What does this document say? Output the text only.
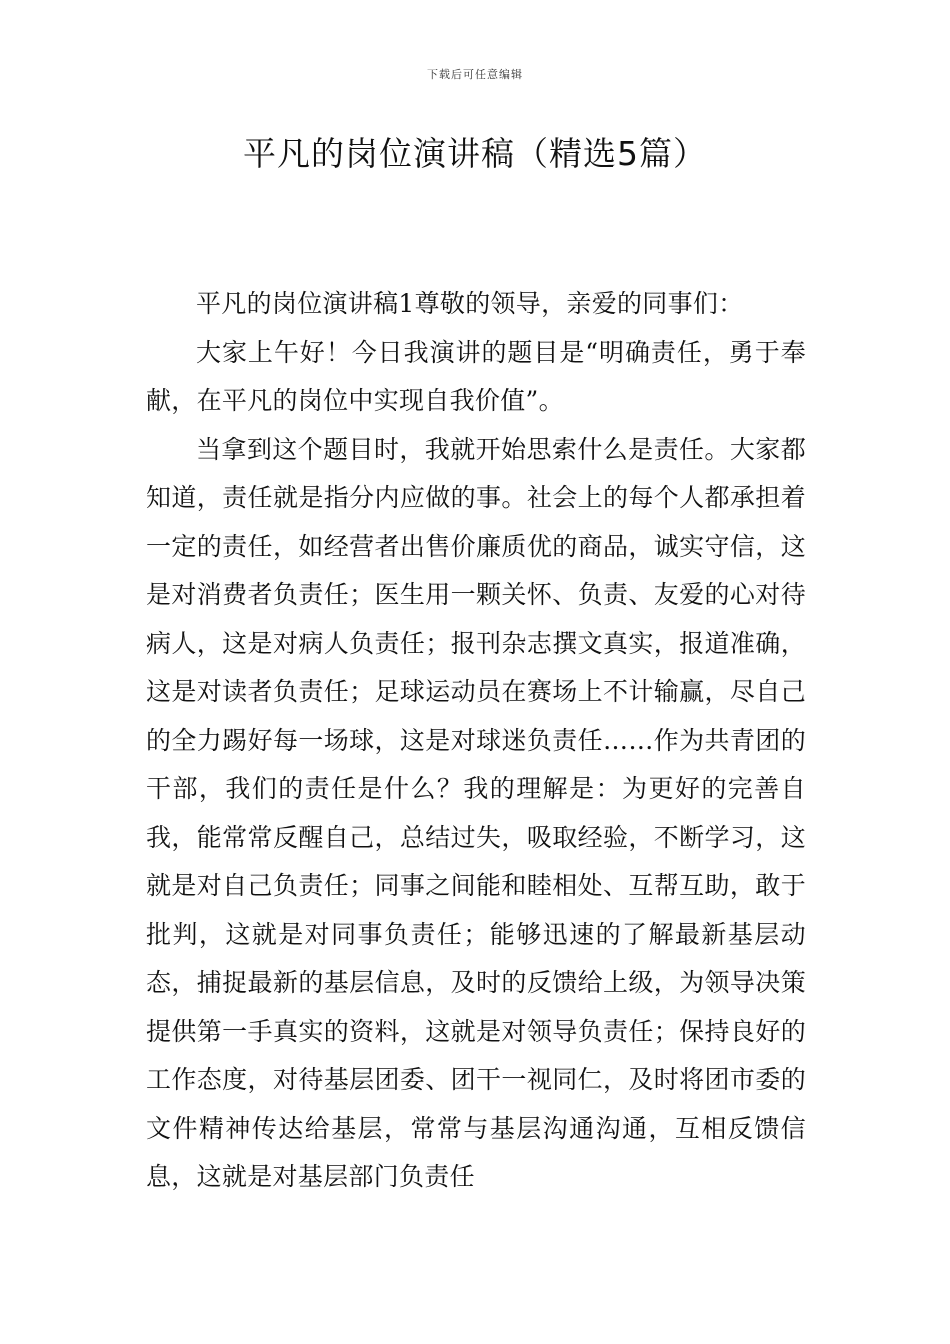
下载后可任意编辑
平凡的岗位演讲稿（精选5篇）

平凡的岗位演讲稿1尊敬的领导，亲爱的同事们：

大家上午好！今日我演讲的题目是“明确责任，勇于奉献，在平凡的岗位中实现自我价值”。

当拿到这个题目时，我就开始思索什么是责任。大家都知道，责任就是指分内应做的事。社会上的每个人都承担着一定的责任，如经营者出售价廉质优的商品，诚实守信，这是对消费者负责任；医生用一颗关怀、负责、友爱的心对待病人，这是对病人负责任；报刊杂志撰文真实，报道准确，这是对读者负责任；足球运动员在赛场上不计输赢，尽自己的全力踢好每一场球，这是对球迷负责任……作为共青团的干部，我们的责任是什么？我的理解是：为更好的完善自我，能常常反醒自己，总结过失，吸取经验，不断学习，这就是对自己负责任；同事之间能和睦相处、互帮互助，敢于批判，这就是对同事负责任；能够迅速的了解最新基层动态，捕捉最新的基层信息，及时的反馈给上级，为领导决策提供第一手真实的资料，这就是对领导负责任；保持良好的工作态度，对待基层团委、团干一视同仁，及时将团市委的文件精神传达给基层，常常与基层沟通沟通，互相反馈信息，这就是对基层部门负责任
